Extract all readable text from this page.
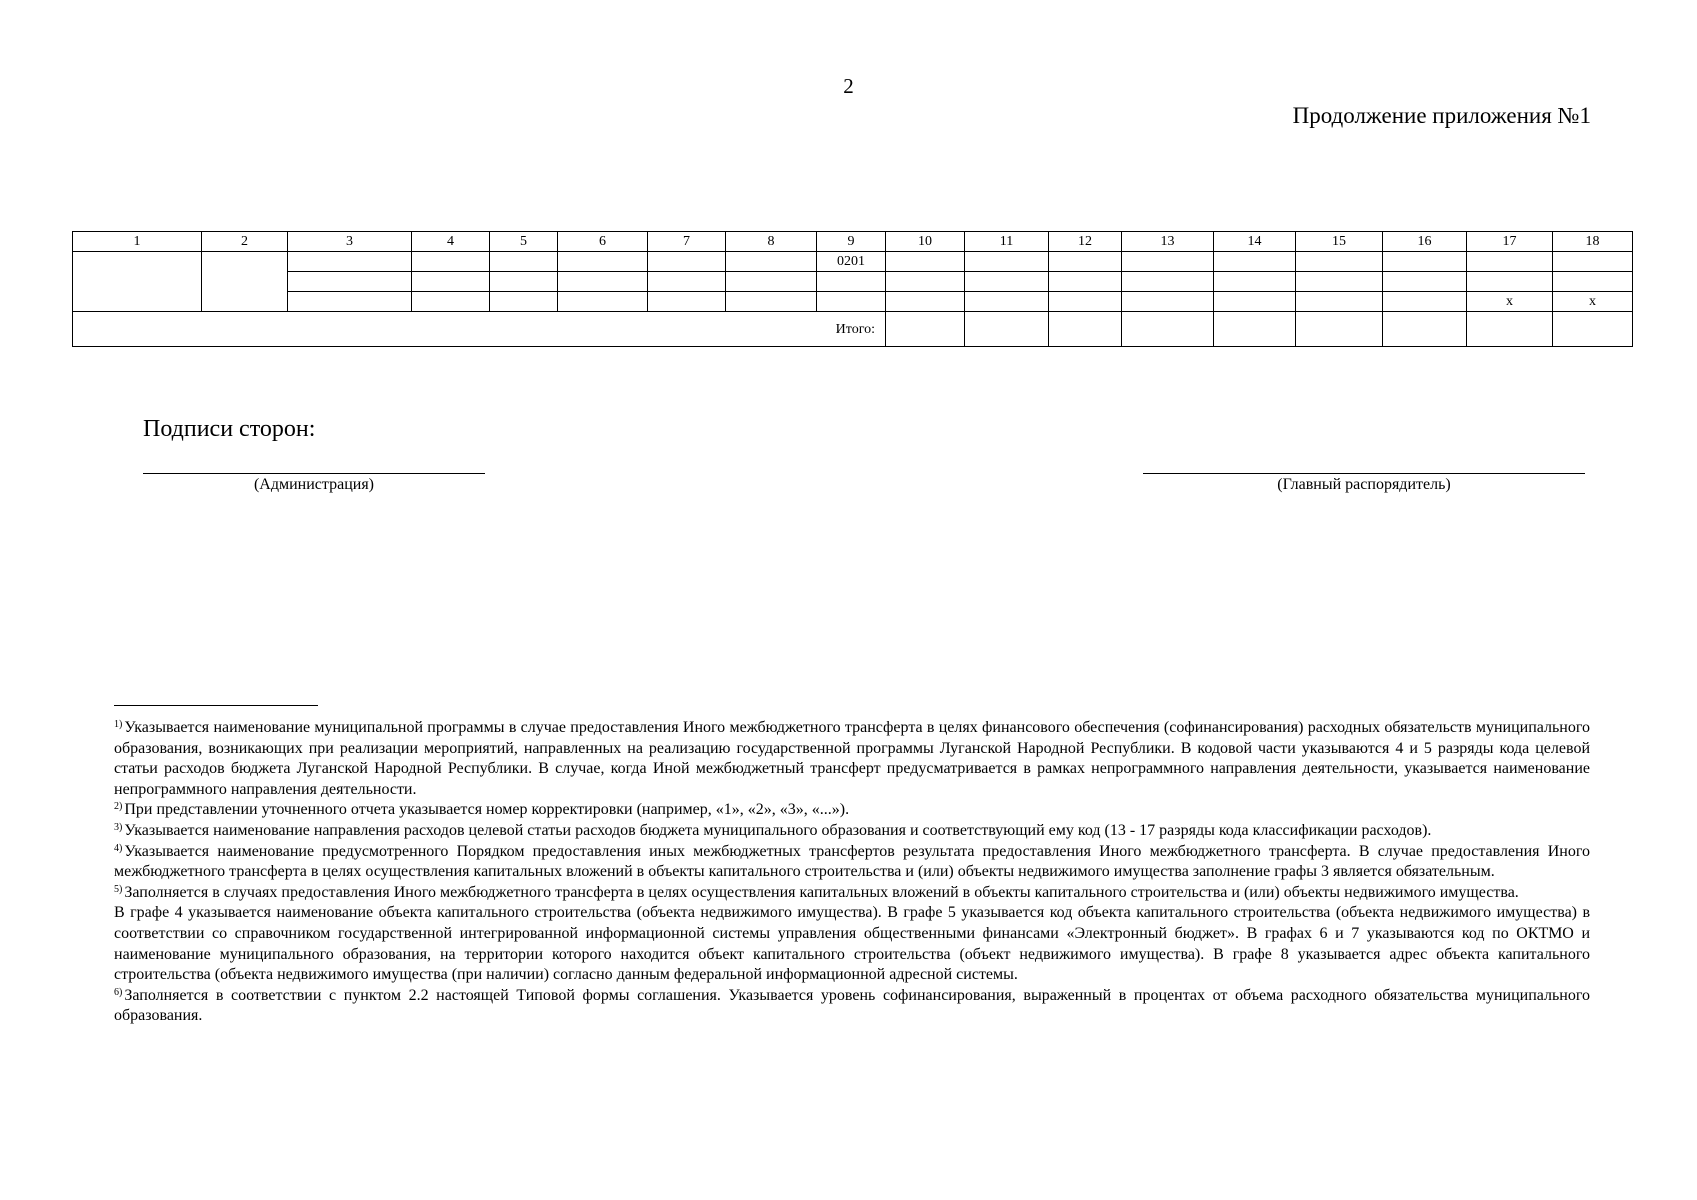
2
Продолжение приложения №1
1	2	3	4	5	6	7	8	9	10	11	12	13	14	15	16	17	18
								0201									

																x	x
Итого:																	
Подписи сторон:
(Администрация)	(Главный распорядитель)

$^{1)}$ Указывается наименование муниципальной программы в случае предоставления Иного межбюджетного трансферта в целях финансового обеспечения (софинансирования) расходных обязательств муниципального образования, возникающих при реализации мероприятий, направленных на реализацию государственной программы Луганской Народной Республики. В кодовой части указываются 4 и 5 разряды кода целевой статьи расходов бюджета Луганской Народной Республики. В случае, когда Иной межбюджетный трансферт предусматривается в рамках непрограммного направления деятельности, указывается наименование непрограммного направления деятельности.

$^{2)}$ При представлении уточненного отчета указывается номер корректировки (например, «1», «2», «3», «...»).

$^{3)}$ Указывается наименование направления расходов целевой статьи расходов бюджета муниципального образования и соответствующий ему код (13 - 17 разряды кода классификации расходов).

$^{4)}$ Указывается наименование предусмотренного Порядком предоставления иных межбюджетных трансфертов результата предоставления Иного межбюджетного трансферта. В случае предоставления Иного межбюджетного трансферта в целях осуществления капитальных вложений в объекты капитального строительства и (или) объекты недвижимого имущества заполнение графы 3 является обязательным.

$^{5)}$ Заполняется в случаях предоставления Иного межбюджетного трансферта в целях осуществления капитальных вложений в объекты капитального строительства и (или) объекты недвижимого имущества.

В графе 4 указывается наименование объекта капитального строительства (объекта недвижимого имущества). В графе 5 указывается код объекта капитального строительства (объекта недвижимого имущества) в соответствии со справочником государственной интегрированной информационной системы управления общественными финансами «Электронный бюджет». В графах 6 и 7 указываются код по ОКТМО и наименование муниципального образования, на территории которого находится объект капитального строительства (объект недвижимого имущества). В графе 8 указывается адрес объекта капитального строительства (объекта недвижимого имущества (при наличии) согласно данным федеральной информационной адресной системы.

$^{6)}$ Заполняется в соответствии с пунктом 2.2 настоящей Типовой формы соглашения. Указывается уровень софинансирования, выраженный в процентах от объема расходного обязательства муниципального образования.
